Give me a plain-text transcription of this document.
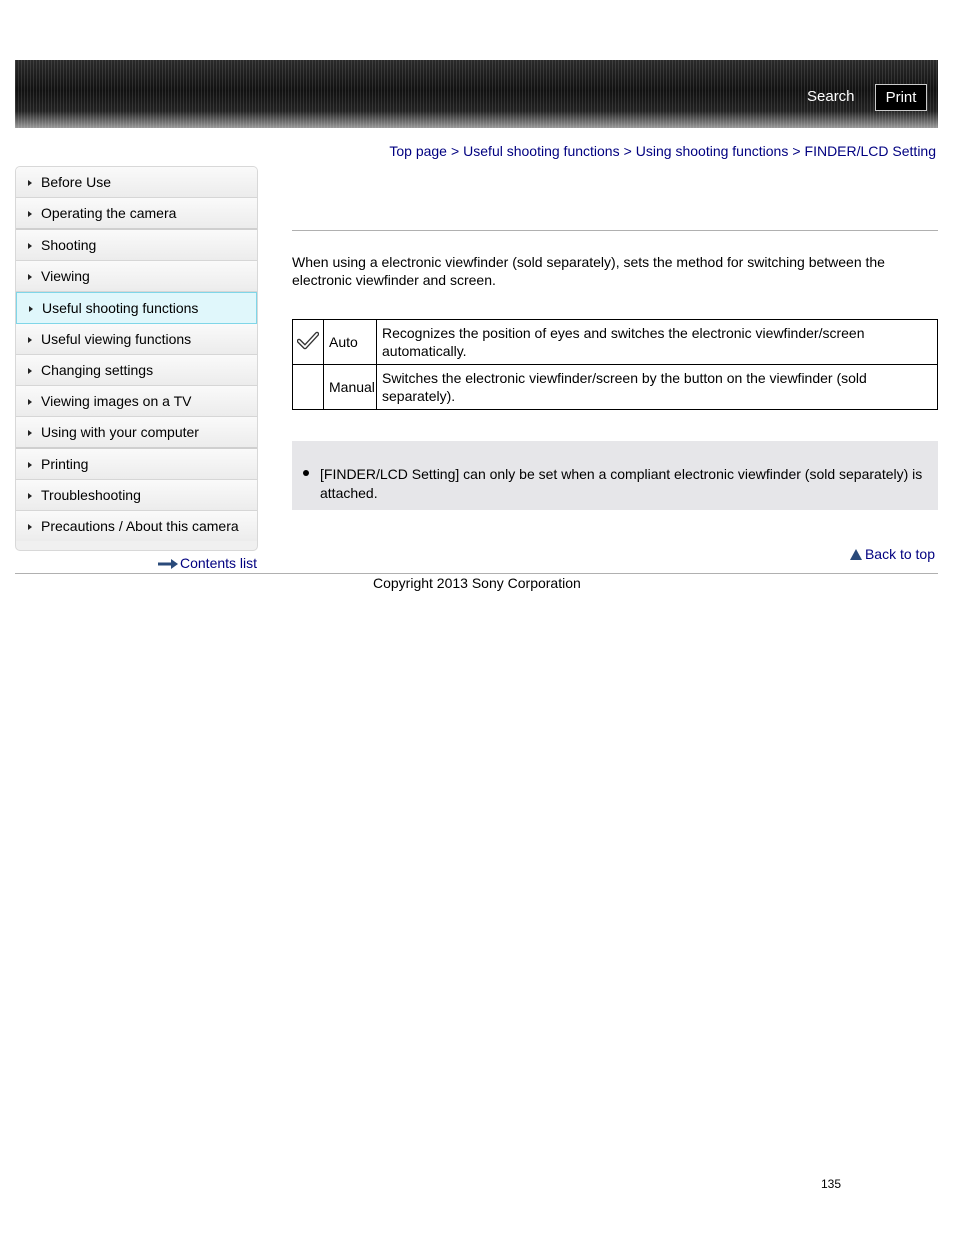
Search	Print
Top page > Useful shooting functions > Using shooting functions > FINDER/LCD Setting
Before Use
Operating the camera
Shooting
Viewing
Useful shooting functions
Useful viewing functions
Changing settings
Viewing images on a TV
Using with your computer
Printing
Troubleshooting
Precautions / About this camera
Contents list
When using a electronic viewfinder (sold separately), sets the method for switching between the electronic viewfinder and screen.
	Auto	Recognizes the position of eyes and switches the electronic viewfinder/screen automatically.
	Manual	Switches the electronic viewfinder/screen by the button on the viewfinder (sold separately).
[FINDER/LCD Setting] can only be set when a compliant electronic viewfinder (sold separately) is attached.
Back to top
Copyright 2013 Sony Corporation
135
